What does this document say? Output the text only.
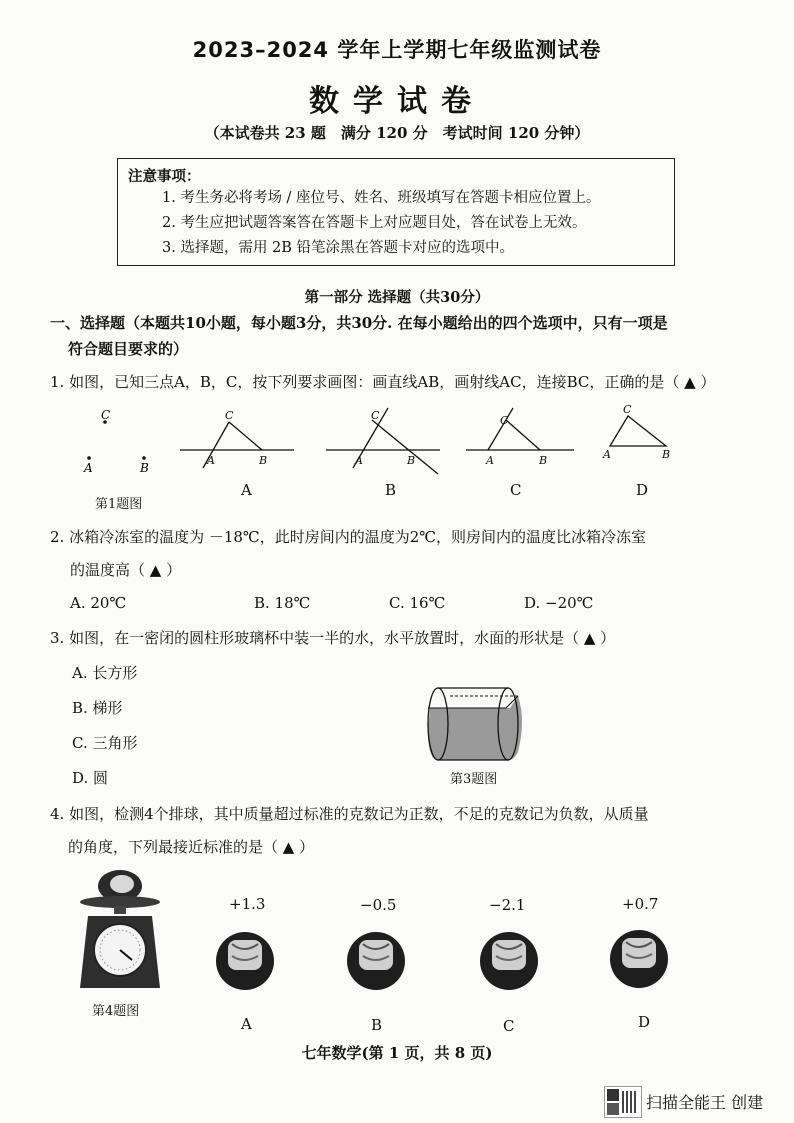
2023–2024 学年上学期七年级监测试卷
数学试卷
（本试卷共 23 题　满分 120 分　考试时间 120 分钟）
注意事项：
1. 考生务必将考场 / 座位号、姓名、班级填写在答题卡相应位置上。
2. 考生应把试题答案答在答题卡上对应题目处，答在试卷上无效。
3. 选择题，需用 2B 铅笔涂黑在答题卡对应的选项中。
第一部分 选择题（共30分）
一、选择题（本题共10小题，每小题3分，共30分. 在每小题给出的四个选项中，只有一项是
符合题目要求的）
1. 如图，已知三点A，B，C，按下列要求画图：画直线AB，画射线AC，连接BC，正确的是（ ▲ ）
C
A	B
C
A	B
C
A	B
C
A	B
C
A	B
第1题图
A	B	C	D
2. 冰箱冷冻室的温度为 －18℃，此时房间内的温度为2℃，则房间内的温度比冰箱冷冻室
的温度高（ ▲ ）
A. 20℃	B. 18℃	C. 16℃	D. −20℃
3. 如图，在一密闭的圆柱形玻璃杯中装一半的水，水平放置时，水面的形状是（ ▲ ）
A. 长方形
B. 梯形
C. 三角形
D. 圆	第3题图
4. 如图，检测4个排球，其中质量超过标准的克数记为正数，不足的克数记为负数，从质量
的角度，下列最接近标准的是（ ▲ ）
第4题图
+1.3	−0.5	−2.1	+0.7
A	B	C	D
七年数学(第 1 页，共 8 页)
扫描全能王 创建
